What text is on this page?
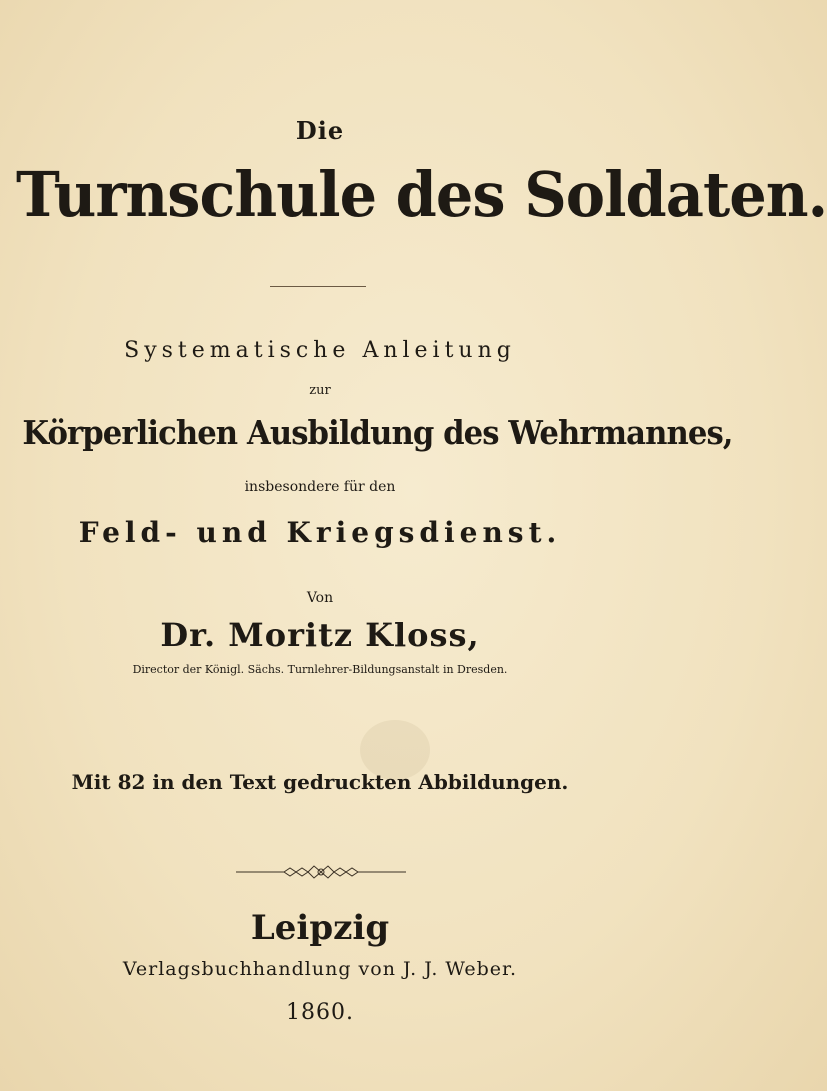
Die
Turnschule des Soldaten.
Systematische Anleitung
zur
Körperlichen Ausbildung des Wehrmannes,
insbesondere für den
Feld- und Kriegsdienst.
Von
Dr. Moritz Kloss,
Director der Königl. Sächs. Turnlehrer-Bildungsanstalt in Dresden.
Mit 82 in den Text gedruckten Abbildungen.
Leipzig
Verlagsbuchhandlung von J. J. Weber.
1860.
